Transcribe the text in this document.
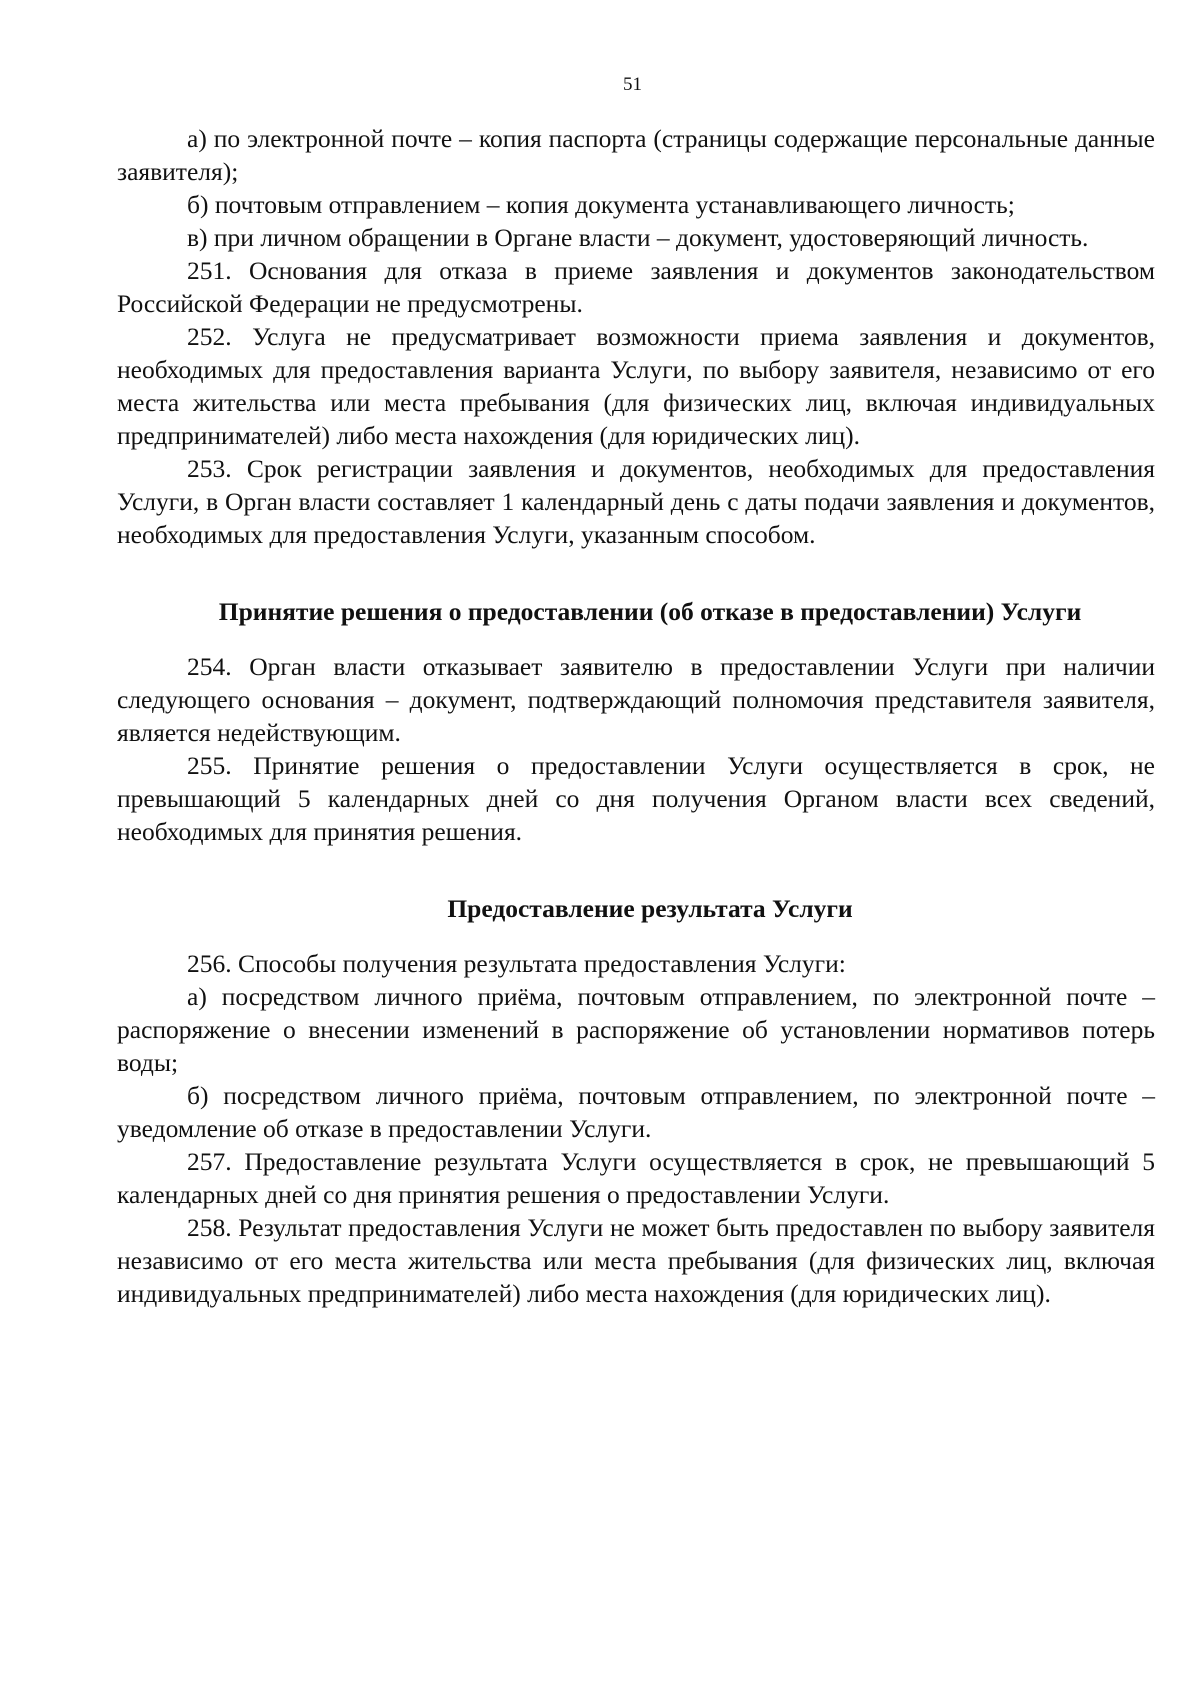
51

а) по электронной почте – копия паспорта (страницы содержащие персональные данные заявителя);

б) почтовым отправлением – копия документа устанавливающего личность;

в) при личном обращении в Органе власти – документ, удостоверяющий личность.

251. Основания для отказа в приеме заявления и документов законодательством Российской Федерации не предусмотрены.

252. Услуга не предусматривает возможности приема заявления и документов, необходимых для предоставления варианта Услуги, по выбору заявителя, независимо от его места жительства или места пребывания (для физических лиц, включая индивидуальных предпринимателей) либо места нахождения (для юридических лиц).

253. Срок регистрации заявления и документов, необходимых для предоставления Услуги, в Орган власти составляет 1 календарный день с даты подачи заявления и документов, необходимых для предоставления Услуги, указанным способом.

Принятие решения о предоставлении (об отказе в предоставлении) Услуги

254. Орган власти отказывает заявителю в предоставлении Услуги при наличии следующего основания – документ, подтверждающий полномочия представителя заявителя, является недействующим.

255. Принятие решения о предоставлении Услуги осуществляется в срок, не превышающий 5 календарных дней со дня получения Органом власти всех сведений, необходимых для принятия решения.

Предоставление результата Услуги

256. Способы получения результата предоставления Услуги:

а) посредством личного приёма, почтовым отправлением, по электронной почте – распоряжение о внесении изменений в распоряжение об установлении нормативов потерь воды;

б) посредством личного приёма, почтовым отправлением, по электронной почте – уведомление об отказе в предоставлении Услуги.

257. Предоставление результата Услуги осуществляется в срок, не превышающий 5 календарных дней со дня принятия решения о предоставлении Услуги.

258. Результат предоставления Услуги не может быть предоставлен по выбору заявителя независимо от его места жительства или места пребывания (для физических лиц, включая индивидуальных предпринимателей) либо места нахождения (для юридических лиц).
